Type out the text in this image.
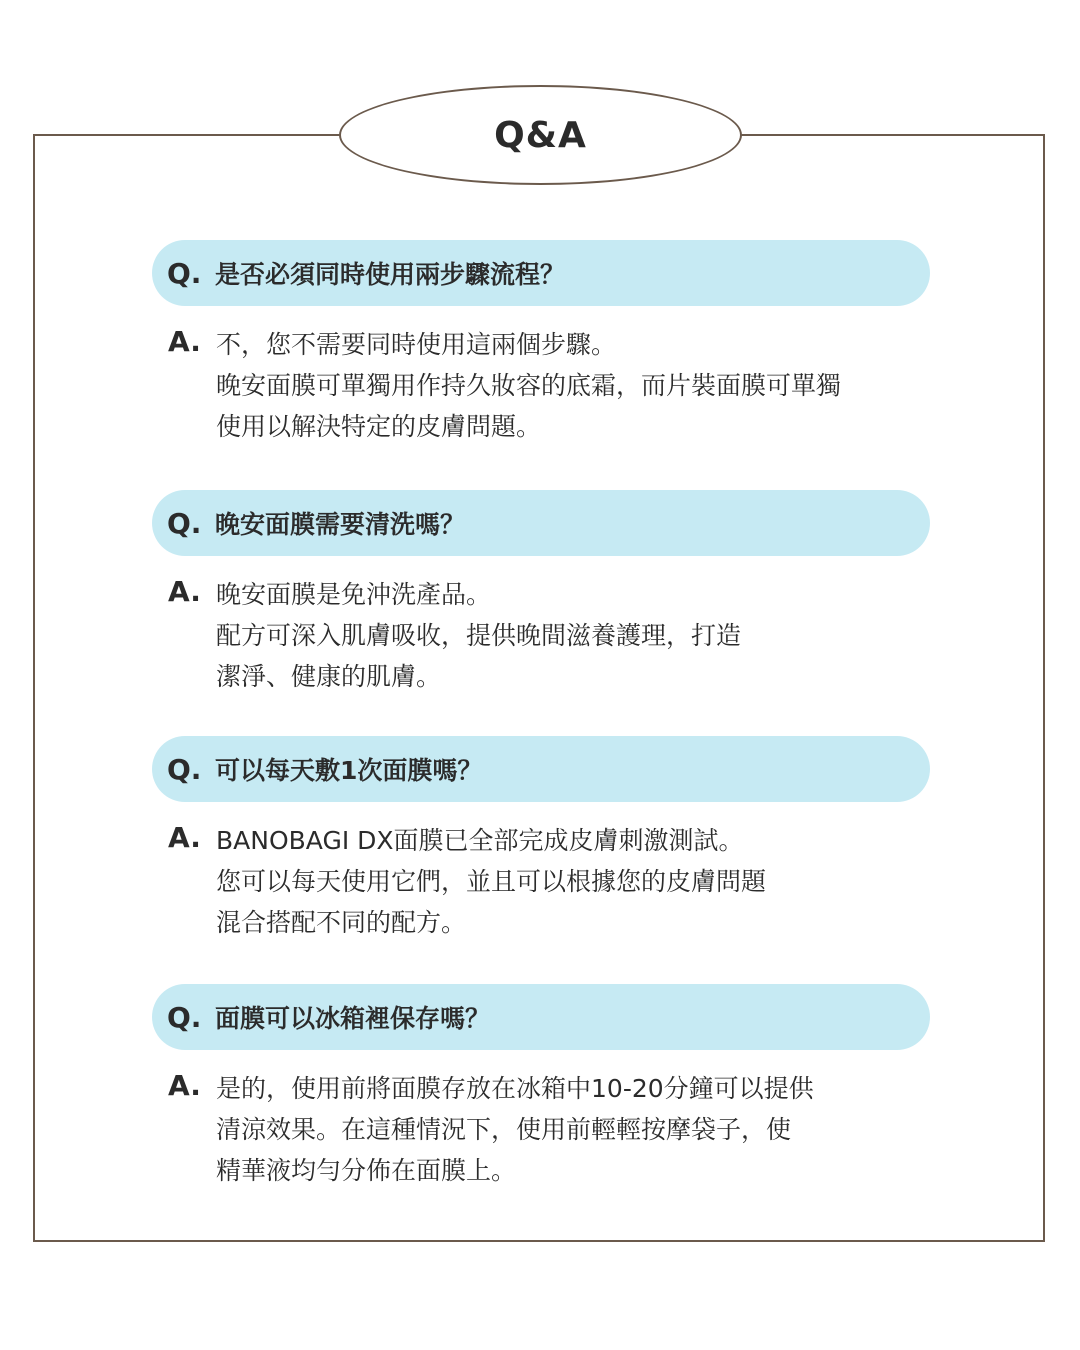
Q&A
Q. 是否必須同時使用兩步驟流程？
A. 不，您不需要同時使用這兩個步驟。
晚安面膜可單獨用作持久妝容的底霜，而片裝面膜可單獨
使用以解決特定的皮膚問題。
Q. 晚安面膜需要清洗嗎？
A. 晚安面膜是免沖洗產品。
配方可深入肌膚吸收，提供晚間滋養護理，打造
潔淨、健康的肌膚。
Q. 可以每天敷1次面膜嗎？
A. BANOBAGI DX面膜已全部完成皮膚刺激測試。
您可以每天使用它們，並且可以根據您的皮膚問題
混合搭配不同的配方。
Q. 面膜可以冰箱裡保存嗎？
A. 是的，使用前將面膜存放在冰箱中10-20分鐘可以提供
清涼效果。在這種情況下，使用前輕輕按摩袋子，使
精華液均勻分佈在面膜上。
